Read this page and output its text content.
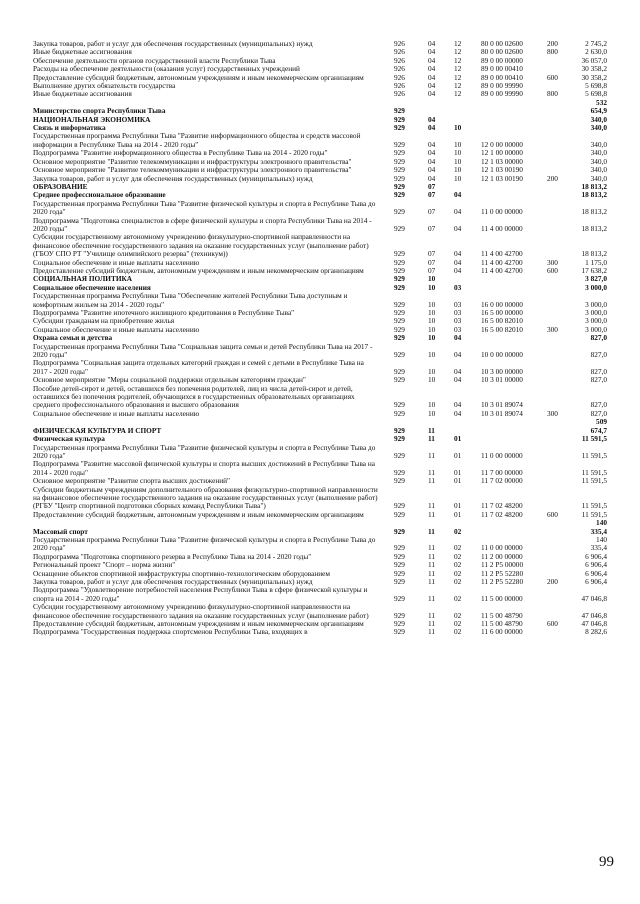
Закупка товаров, работ и услуг для обеспечения государственных (муниципальных) нужд	926	04	12	80 0 00 02600	200	2 745,2
Иные бюджетные ассигнования	926	04	12	80 0 00 02600	800	2 630,0
Обеспечение деятельности органов государственной власти Республики Тыва	926	04	12	89 0 00 00000		36 057,0
Расходы на обеспечение деятельности (оказания услуг) государственных учреждений	926	04	12	89 0 00 00410		30 358,2
Предоставление субсидий бюджетным, автономным учреждениям и иным некоммерческим организациям	926	04	12	89 0 00 00410	600	30 358,2
Выполнение других обязательств государства	926	04	12	89 0 00 99990		5 698,8
Иные бюджетные ассигнования	926	04	12	89 0 00 99990	800	5 698,8
Министерство спорта Республики Тыва	929					532 654,9
НАЦИОНАЛЬНАЯ ЭКОНОМИКА	929	04				340,0
Связь и информатика	929	04	10			340,0
Государственная программа Республики Тыва "Развитие информационного общества и средств массовой информации в Республике Тыва на 2014 - 2020 годы"	929	04	10	12 0 00 00000		340,0
Подпрограмма "Развитие информационного общества в Республике Тыва на 2014 - 2020 годы"	929	04	10	12 1 00 00000		340,0
Основное мероприятие "Развитие телекоммуникации и инфраструктуры электронного правительства"	929	04	10	12 1 03 00000		340,0
Основное мероприятие "Развитие телекоммуникации и инфраструктуры электронного правительства"	929	04	10	12 1 03 00190		340,0
Закупка товаров, работ и услуг для обеспечения государственных (муниципальных) нужд	929	04	10	12 1 03 00190	200	340,0
ОБРАЗОВАНИЕ	929	07				18 813,2
Среднее профессиональное образование	929	07	04			18 813,2
Государственная программа Республики Тыва "Развитие физической культуры и спорта в Республике Тыва до 2020 года"	929	07	04	11 0 00 00000		18 813,2
Подпрограмма "Подготовка специалистов в сфере физической культуры и спорта Республики Тыва на 2014 - 2020 годы"	929	07	04	11 4 00 00000		18 813,2
Субсидии государственному автономному учреждению физкультурно-спортивной направленности на финансовое обеспечение государственного задания на оказание государственных услуг (выполнение работ) (ГБОУ СПО РТ "Училище олимпийского резерва" (техникум))	929	07	04	11 4 00 42700		18 813,2
Социальное обеспечение и иные выплаты населению	929	07	04	11 4 00 42700	300	1 175,0
Предоставление субсидий бюджетным, автономным учреждениям и иным некоммерческим организациям	929	07	04	11 4 00 42700	600	17 638,2
СОЦИАЛЬНАЯ ПОЛИТИКА	929	10				3 827,0
Социальное обеспечение населения	929	10	03			3 000,0
Государственная программа Республики Тыва "Обеспечение жителей Республики Тыва доступным и комфортным жильем на 2014 - 2020 годы"	929	10	03	16 0 00 00000		3 000,0
Подпрограмма "Развитие ипотечного жилищного кредитования в Республике Тыва"	929	10	03	16 5 00 00000		3 000,0
Субсидии гражданам на приобретение жилья	929	10	03	16 5 00 82010		3 000,0
Социальное обеспечение и иные выплаты населению	929	10	03	16 5 00 82010	300	3 000,0
Охрана семьи и детства	929	10	04			827,0
Государственная программа Республики Тыва "Социальная защита семьи и детей Республики Тыва на 2017 - 2020 годы"	929	10	04	10 0 00 00000		827,0
Подпрограмма "Социальная защита отдельных категорий граждан и семей с детьми в Республике Тыва на 2017 - 2020 годы"	929	10	04	10 3 00 00000		827,0
Основное мероприятие "Меры социальной поддержки отдельным категориям граждан"	929	10	04	10 3 01 00000		827,0
Пособие детей-сирот и детей, оставшихся без попечения родителей, лиц из числа детей-сирот и детей, оставшихся без попечения родителей, обучающихся в государственных образовательных организациях среднего профессионального образования и высшего образования	929	10	04	10 3 01 89074		827,0
Социальное обеспечение и иные выплаты населению	929	10	04	10 3 01 89074	300	827,0
ФИЗИЧЕСКАЯ КУЛЬТУРА И СПОРТ	929	11				509 674,7
Физическая культура	929	11	01			11 591,5
Государственная программа Республики Тыва "Развитие физической культуры и спорта в Республике Тыва до 2020 года"	929	11	01	11 0 00 00000		11 591,5
Подпрограмма "Развитие массовой физической культуры и спорта высших достижений в Республике Тыва на 2014 - 2020 годы"	929	11	01	11 7 00 00000		11 591,5
Основное мероприятие "Развитие спорта высших достижений"	929	11	01	11 7 02 00000		11 591,5
Субсидии бюджетным учреждениям дополнительного образования физкультурно-спортивной направленности на финансовое обеспечение государственного задания на оказание государственных услуг (выполнение работ) (РГБУ "Центр спортивной подготовки сборных команд Республики Тыва")	929	11	01	11 7 02 48200		11 591,5
Предоставление субсидий бюджетным, автономным учреждениям и иным некоммерческим организациям	929	11	01	11 7 02 48200	600	11 591,5
Массовый спорт	929	11	02			140 335,4
Государственная программа Республики Тыва "Развитие физической культуры и спорта в Республике Тыва до 2020 года"	929	11	02	11 0 00 00000		140 335,4
Подпрограмма "Подготовка спортивного резерва в Республике Тыва на 2014 - 2020 годы"	929	11	02	11 2 00 00000		6 906,4
Региональный проект "Спорт – норма жизни"	929	11	02	11 2 P5 00000		6 906,4
Оснащение объектов спортивной инфраструктуры спортивно-технологическим оборудованием	929	11	02	11 2 P5 52280		6 906,4
Закупка товаров, работ и услуг для обеспечения государственных (муниципальных) нужд	929	11	02	11 2 P5 52280	200	6 906,4
Подпрограмма "Удовлетворение потребностей населения Республики Тыва в сфере физической культуры и спорта на 2014 - 2020 годы"	929	11	02	11 5 00 00000		47 046,8
Субсидии государственному автономному учреждению физкультурно-спортивной направленности на финансовое обеспечение государственного задания на оказание государственных услуг (выполнение работ)	929	11	02	11 5 00 48790		47 046,8
Предоставление субсидий бюджетным, автономным учреждениям и иным некоммерческим организациям	929	11	02	11 5 00 48790	600	47 046,8
Подпрограмма "Государственная поддержка спортсменов Республики Тыва, входящих в	929	11	02	11 6 00 00000		8 282,6
99
